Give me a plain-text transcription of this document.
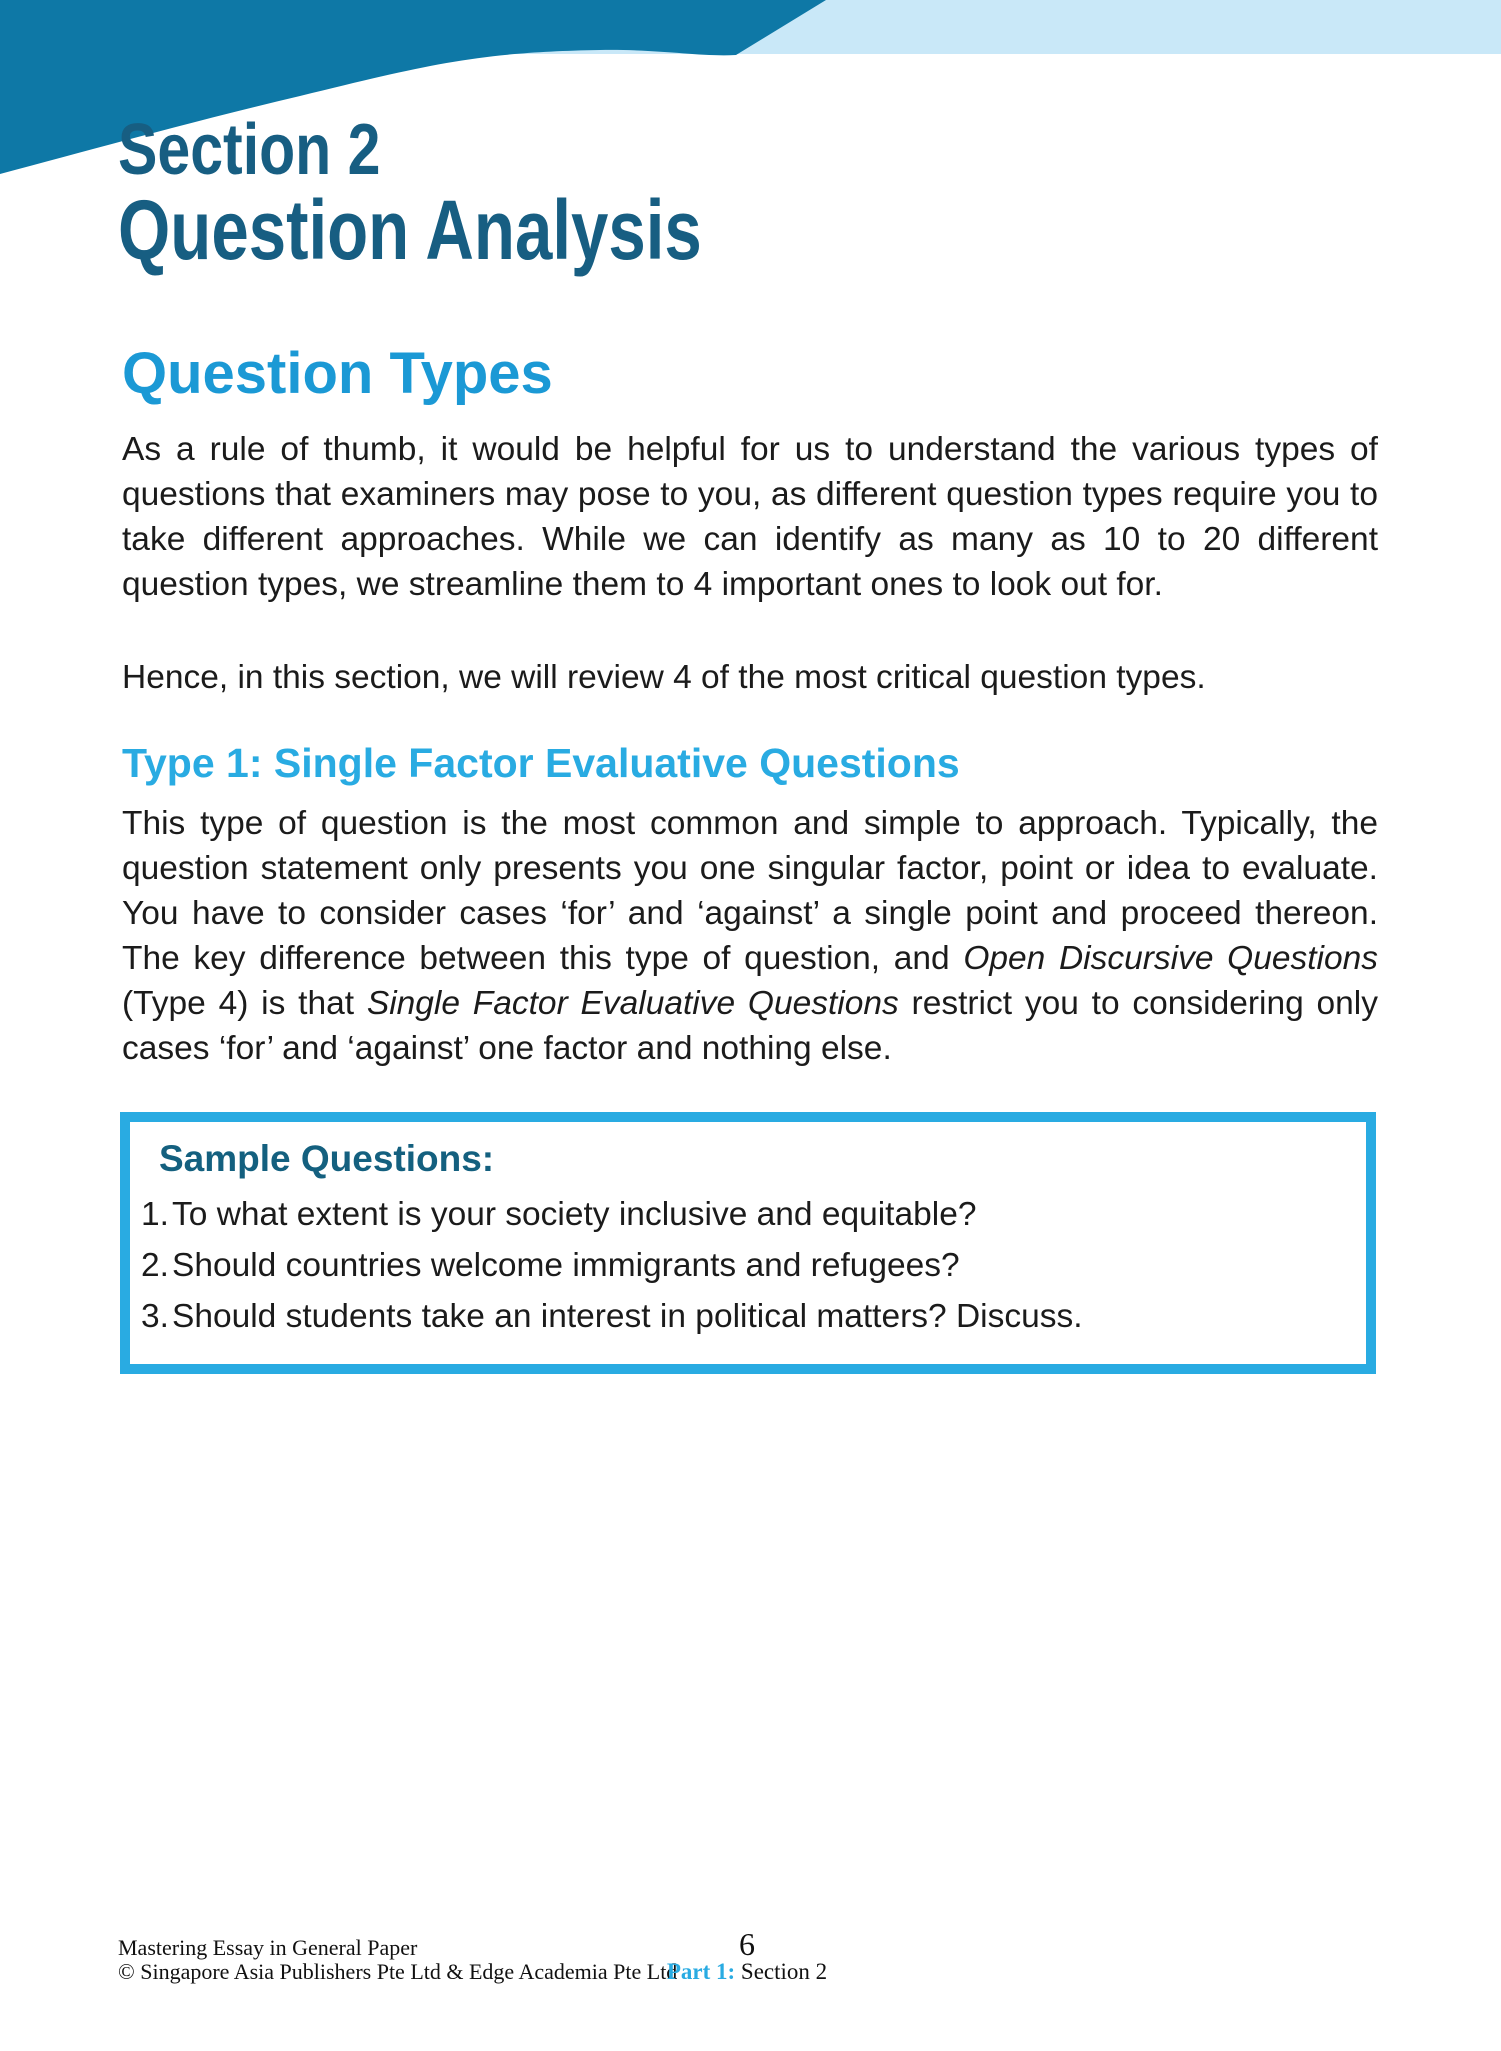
Section 2
Question Analysis
Question Types

As a rule of thumb, it would be helpful for us to understand the various types of questions that examiners may pose to you, as different question types require you to take different approaches. While we can identify as many as 10 to 20 different question types, we streamline them to 4 important ones to look out for.

Hence, in this section, we will review 4 of the most critical question types.

Type 1: Single Factor Evaluative Questions

This type of question is the most common and simple to approach. Typically, the question statement only presents you one singular factor, point or idea to evaluate. You have to consider cases ‘for’ and ‘against’ a single point and proceed thereon. The key difference between this type of question, and Open Discursive Questions (Type 4) is that Single Factor Evaluative Questions restrict you to considering only cases ‘for’ and ‘against’ one factor and nothing else.

Sample Questions:
1. To what extent is your society inclusive and equitable?
2. Should countries welcome immigrants and refugees?
3. Should students take an interest in political matters? Discuss.
Mastering Essay in General Paper
© Singapore Asia Publishers Pte Ltd & Edge Academia Pte Ltd
6
Part 1: Section 2
